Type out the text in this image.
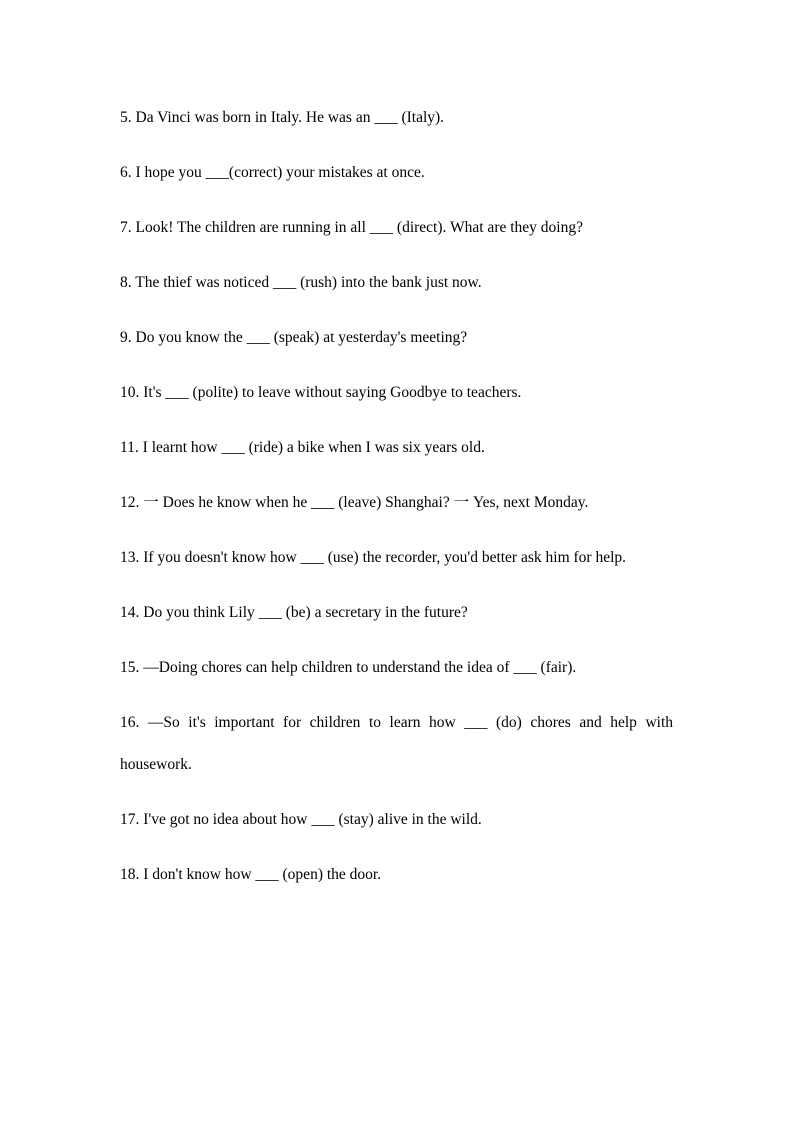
5. Da Vinci was born in Italy. He was an ___ (Italy).
6. I hope you ___(correct) your mistakes at once.
7. Look! The children are running in all ___ (direct). What are they doing?
8. The thief was noticed ___ (rush) into the bank just now.
9. Do you know the ___ (speak) at yesterday's meeting?
10. It's ___ (polite) to leave without saying Goodbye to teachers.
11. I learnt how ___ (ride) a bike when I was six years old.
12. 一 Does he know when he ___ (leave) Shanghai? 一 Yes, next Monday.
13. If you doesn't know how ___ (use) the recorder, you'd better ask him for help.
14. Do you think Lily ___ (be) a secretary in the future?
15. —Doing chores can help children to understand the idea of ___ (fair).
16. —So it's important for children to learn how ___ (do) chores and help with housework.
17. I've got no idea about how ___ (stay) alive in the wild.
18. I don't know how ___ (open) the door.
